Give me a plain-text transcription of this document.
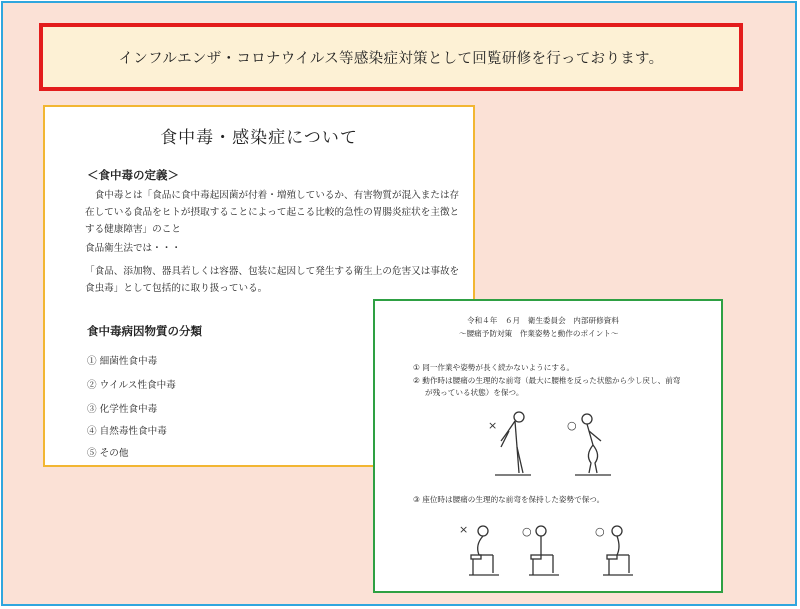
インフルエンザ・コロナウイルス等感染症対策として回覧研修を行っております。
食中毒・感染症について
＜食中毒の定義＞
　食中毒とは「食品に食中毒起因菌が付着・増殖しているか、有害物質が混入または存在している食品をヒトが摂取することによって起こる比較的急性の胃腸炎症状を主徴とする健康障害」のこと
食品衛生法では・・・
「食品、添加物、器具若しくは容器、包装に起因して発生する衛生上の危害又は事故を食虫毒」として包括的に取り扱っている。
食中毒病因物質の分類
① 細菌性食中毒
② ウイルス性食中毒
③ 化学性食中毒
④ 自然毒性食中毒
⑤ その他
令和４年　６月　衛生委員会　内部研修資料
～腰痛予防対策　作業姿勢と動作のポイント～
① 同一作業や姿勢が長く続かないようにする。
② 動作時は腰痛の生理的な前弯（最大に腰椎を反った状態から少し戻し、前弯
が残っている状態）を保つ。
×	○
③ 座位時は腰痛の生理的な前弯を保持した姿勢で保つ。
×	○	○
